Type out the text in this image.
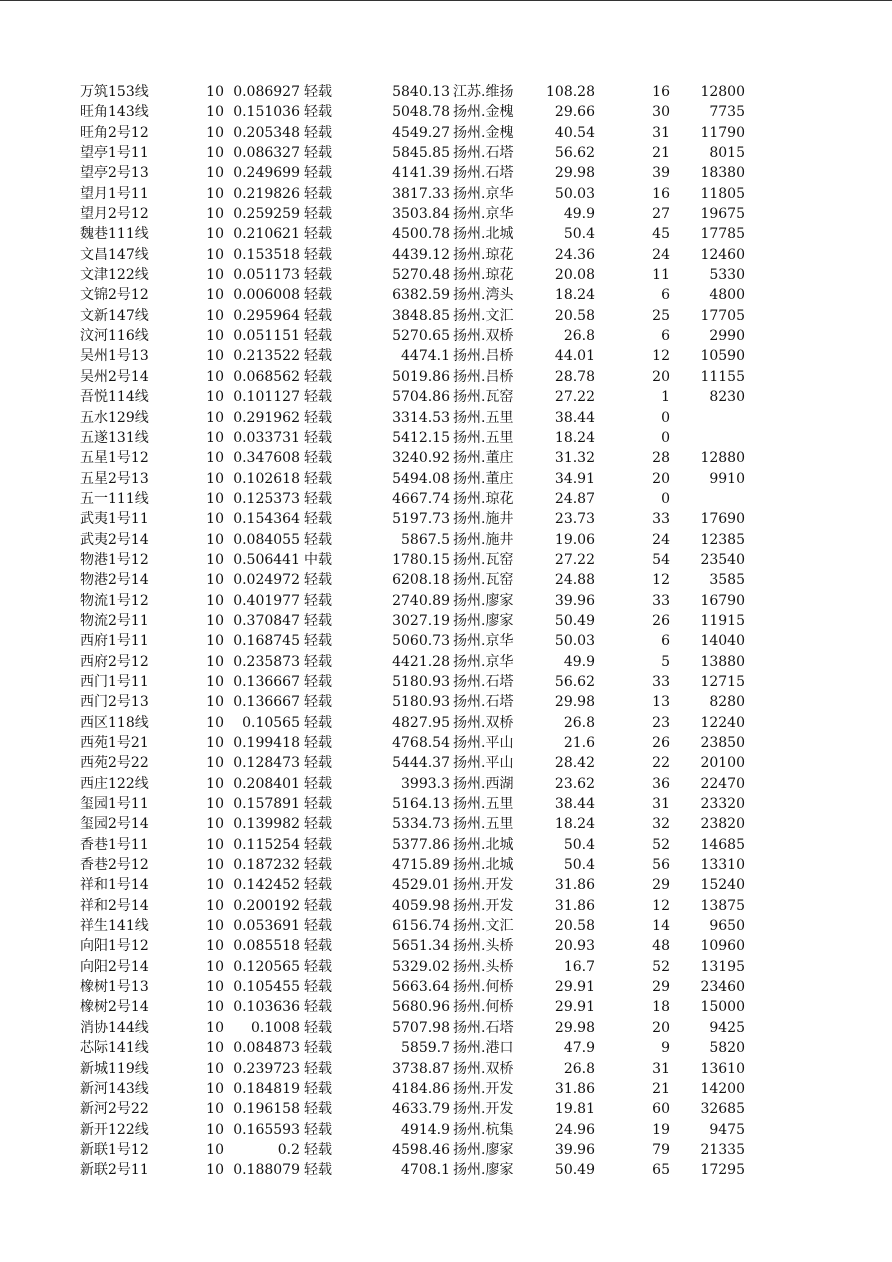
万筑153线	10 0.086927 轻载	5840.13 江苏.维扬	108.28	16	12800
旺角143线	10 0.151036 轻载	5048.78 扬州.金槐	29.66	30	7735
旺角2号12	10 0.205348 轻载	4549.27 扬州.金槐	40.54	31	11790
望亭1号11	10 0.086327 轻载	5845.85 扬州.石塔	56.62	21	8015
望亭2号13	10 0.249699 轻载	4141.39 扬州.石塔	29.98	39	18380
望月1号11	10 0.219826 轻载	3817.33 扬州.京华	50.03	16	11805
望月2号12	10 0.259259 轻载	3503.84 扬州.京华	49.9	27	19675
魏巷111线	10 0.210621 轻载	4500.78 扬州.北城	50.4	45	17785
文昌147线	10 0.153518 轻载	4439.12 扬州.琼花	24.36	24	12460
文津122线	10 0.051173 轻载	5270.48 扬州.琼花	20.08	11	5330
文锦2号12	10 0.006008 轻载	6382.59 扬州.湾头	18.24	6	4800
文新147线	10 0.295964 轻载	3848.85 扬州.文汇	20.58	25	17705
汶河116线	10 0.051151 轻载	5270.65 扬州.双桥	26.8	6	2990
吴州1号13	10 0.213522 轻载	4474.1 扬州.吕桥	44.01	12	10590
吴州2号14	10 0.068562 轻载	5019.86 扬州.吕桥	28.78	20	11155
吾悦114线	10 0.101127 轻载	5704.86 扬州.瓦窑	27.22	1	8230
五水129线	10 0.291962 轻载	3314.53 扬州.五里	38.44	0
五遂131线	10 0.033731 轻载	5412.15 扬州.五里	18.24	0
五星1号12	10 0.347608 轻载	3240.92 扬州.董庄	31.32	28	12880
五星2号13	10 0.102618 轻载	5494.08 扬州.董庄	34.91	20	9910
五一111线	10 0.125373 轻载	4667.74 扬州.琼花	24.87	0
武夷1号11	10 0.154364 轻载	5197.73 扬州.施井	23.73	33	17690
武夷2号14	10 0.084055 轻载	5867.5 扬州.施井	19.06	24	12385
物港1号12	10 0.506441 中载	1780.15 扬州.瓦窑	27.22	54	23540
物港2号14	10 0.024972 轻载	6208.18 扬州.瓦窑	24.88	12	3585
物流1号12	10 0.401977 轻载	2740.89 扬州.廖家	39.96	33	16790
物流2号11	10 0.370847 轻载	3027.19 扬州.廖家	50.49	26	11915
西府1号11	10 0.168745 轻载	5060.73 扬州.京华	50.03	6	14040
西府2号12	10 0.235873 轻载	4421.28 扬州.京华	49.9	5	13880
西门1号11	10 0.136667 轻载	5180.93 扬州.石塔	56.62	33	12715
西门2号13	10 0.136667 轻载	5180.93 扬州.石塔	29.98	13	8280
西区118线	10	0.10565 轻载	4827.95 扬州.双桥	26.8	23	12240
西苑1号21	10 0.199418 轻载	4768.54 扬州.平山	21.6	26	23850
西苑2号22	10 0.128473 轻载	5444.37 扬州.平山	28.42	22	20100
西庄122线	10 0.208401 轻载	3993.3 扬州.西湖	23.62	36	22470
玺园1号11	10 0.157891 轻载	5164.13 扬州.五里	38.44	31	23320
玺园2号14	10 0.139982 轻载	5334.73 扬州.五里	18.24	32	23820
香巷1号11	10 0.115254 轻载	5377.86 扬州.北城	50.4	52	14685
香巷2号12	10 0.187232 轻载	4715.89 扬州.北城	50.4	56	13310
祥和1号14	10 0.142452 轻载	4529.01 扬州.开发	31.86	29	15240
祥和2号14	10 0.200192 轻载	4059.98 扬州.开发	31.86	12	13875
祥生141线	10 0.053691 轻载	6156.74 扬州.文汇	20.58	14	9650
向阳1号12	10 0.085518 轻载	5651.34 扬州.头桥	20.93	48	10960
向阳2号14	10 0.120565 轻载	5329.02 扬州.头桥	16.7	52	13195
橡树1号13	10 0.105455 轻载	5663.64 扬州.何桥	29.91	29	23460
橡树2号14	10 0.103636 轻载	5680.96 扬州.何桥	29.91	18	15000
消协144线	10	0.1008 轻载	5707.98 扬州.石塔	29.98	20	9425
芯际141线	10 0.084873 轻载	5859.7 扬州.港口	47.9	9	5820
新城119线	10 0.239723 轻载	3738.87 扬州.双桥	26.8	31	13610
新河143线	10 0.184819 轻载	4184.86 扬州.开发	31.86	21	14200
新河2号22	10 0.196158 轻载	4633.79 扬州.开发	19.81	60	32685
新开122线	10 0.165593 轻载	4914.9 扬州.杭集	24.96	19	9475
新联1号12	10	0.2 轻载	4598.46 扬州.廖家	39.96	79	21335
新联2号11	10 0.188079 轻载	4708.1 扬州.廖家	50.49	65	17295
